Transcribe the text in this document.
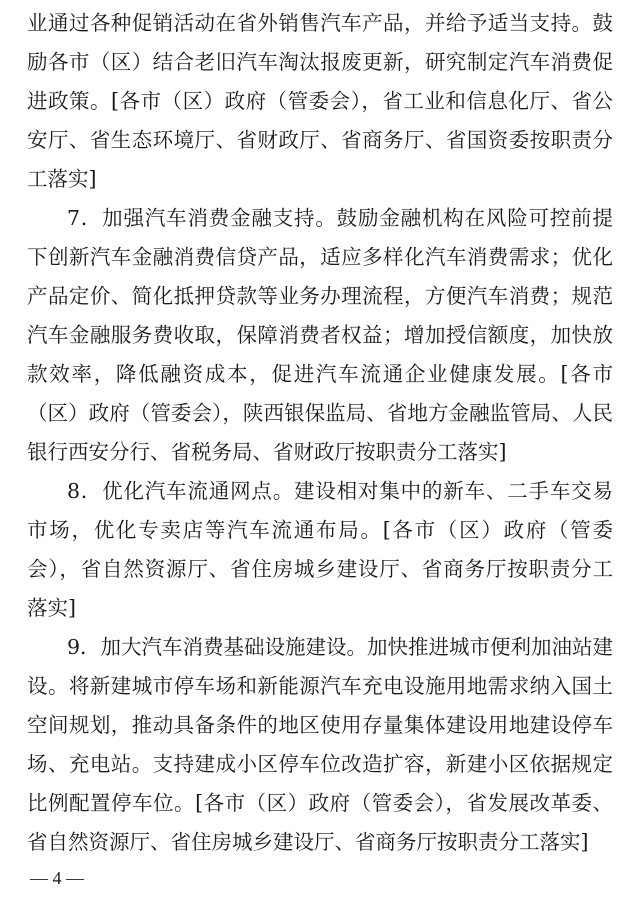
业通过各种促销活动在省外销售汽车产品，并给予适当支持。鼓
励各市（区）结合老旧汽车淘汰报废更新，研究制定汽车消费促
进政策。[各市（区）政府（管委会），省工业和信息化厅、省公
安厅、省生态环境厅、省财政厅、省商务厅、省国资委按职责分
工落实]
7．加强汽车消费金融支持。鼓励金融机构在风险可控前提
下创新汽车金融消费信贷产品，适应多样化汽车消费需求；优化
产品定价、简化抵押贷款等业务办理流程，方便汽车消费；规范
汽车金融服务费收取，保障消费者权益；增加授信额度，加快放
款效率，降低融资成本，促进汽车流通企业健康发展。[各市
（区）政府（管委会），陕西银保监局、省地方金融监管局、人民
银行西安分行、省税务局、省财政厅按职责分工落实]
8．优化汽车流通网点。建设相对集中的新车、二手车交易
市场，优化专卖店等汽车流通布局。[各市（区）政府（管委
会），省自然资源厅、省住房城乡建设厅、省商务厅按职责分工
落实]
9．加大汽车消费基础设施建设。加快推进城市便利加油站建
设。将新建城市停车场和新能源汽车充电设施用地需求纳入国土
空间规划，推动具备条件的地区使用存量集体建设用地建设停车
场、充电站。支持建成小区停车位改造扩容，新建小区依据规定
比例配置停车位。[各市（区）政府（管委会），省发展改革委、
省自然资源厅、省住房城乡建设厅、省商务厅按职责分工落实]
— 4 —
